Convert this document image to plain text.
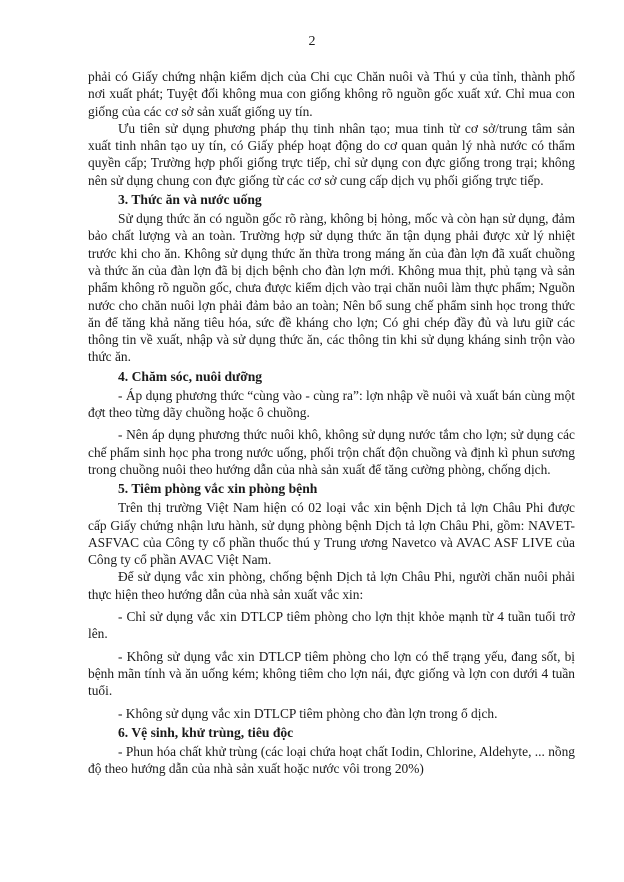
2

phải có Giấy chứng nhận kiểm dịch của Chi cục Chăn nuôi và Thú y của tỉnh, thành phố nơi xuất phát; Tuyệt đối không mua con giống không rõ nguồn gốc xuất xứ. Chỉ mua con giống của các cơ sở sản xuất giống uy tín.

Ưu tiên sử dụng phương pháp thụ tinh nhân tạo; mua tinh từ cơ sở/trung tâm sản xuất tinh nhân tạo uy tín, có Giấy phép hoạt động do cơ quan quản lý nhà nước có thẩm quyền cấp; Trường hợp phối giống trực tiếp, chỉ sử dụng con đực giống trong trại; không nên sử dụng chung con đực giống từ các cơ sở cung cấp dịch vụ phối giống trực tiếp.

3. Thức ăn và nước uống

Sử dụng thức ăn có nguồn gốc rõ ràng, không bị hỏng, mốc và còn hạn sử dụng, đảm bảo chất lượng và an toàn. Trường hợp sử dụng thức ăn tận dụng phải được xử lý nhiệt trước khi cho ăn. Không sử dụng thức ăn thừa trong máng ăn của đàn lợn đã xuất chuồng và thức ăn của đàn lợn đã bị dịch bệnh cho đàn lợn mới. Không mua thịt, phủ tạng và sản phẩm không rõ nguồn gốc, chưa được kiểm dịch vào trại chăn nuôi làm thực phẩm; Nguồn nước cho chăn nuôi lợn phải đảm bảo an toàn; Nên bổ sung chế phẩm sinh học trong thức ăn để tăng khả năng tiêu hóa, sức đề kháng cho lợn; Có ghi chép đầy đủ và lưu giữ các thông tin về xuất, nhập và sử dụng thức ăn, các thông tin khi sử dụng kháng sinh trộn vào thức ăn.

4. Chăm sóc, nuôi dưỡng

- Áp dụng phương thức “cùng vào - cùng ra”: lợn nhập về nuôi và xuất bán cùng một đợt theo từng dãy chuồng hoặc ô chuồng.

- Nên áp dụng phương thức nuôi khô, không sử dụng nước tắm cho lợn; sử dụng các chế phẩm sinh học pha trong nước uống, phối trộn chất độn chuồng và định kì phun sương trong chuồng nuôi theo hướng dẫn của nhà sản xuất để tăng cường phòng, chống dịch.

5. Tiêm phòng vắc xin phòng bệnh

Trên thị trường Việt Nam hiện có 02 loại vắc xin bệnh Dịch tả lợn Châu Phi được cấp Giấy chứng nhận lưu hành, sử dụng phòng bệnh Dịch tả lợn Châu Phi, gồm: NAVET-ASFVAC của Công ty cổ phần thuốc thú y Trung ương Navetco và AVAC ASF LIVE của Công ty cổ phần AVAC Việt Nam.

Để sử dụng vắc xin phòng, chống bệnh Dịch tả lợn Châu Phi, người chăn nuôi phải thực hiện theo hướng dẫn của nhà sản xuất vắc xin:

- Chỉ sử dụng vắc xin DTLCP tiêm phòng cho lợn thịt khỏe mạnh từ 4 tuần tuổi trở lên.

- Không sử dụng vắc xin DTLCP tiêm phòng cho lợn có thể trạng yếu, đang sốt, bị bệnh mãn tính và ăn uống kém; không tiêm cho lợn nái, đực giống và lợn con dưới 4 tuần tuổi.

- Không sử dụng vắc xin DTLCP tiêm phòng cho đàn lợn trong ổ dịch.

6. Vệ sinh, khử trùng, tiêu độc

- Phun hóa chất khử trùng (các loại chứa hoạt chất Iodin, Chlorine, Aldehyte, ... nồng độ theo hướng dẫn của nhà sản xuất hoặc nước vôi trong 20%)
